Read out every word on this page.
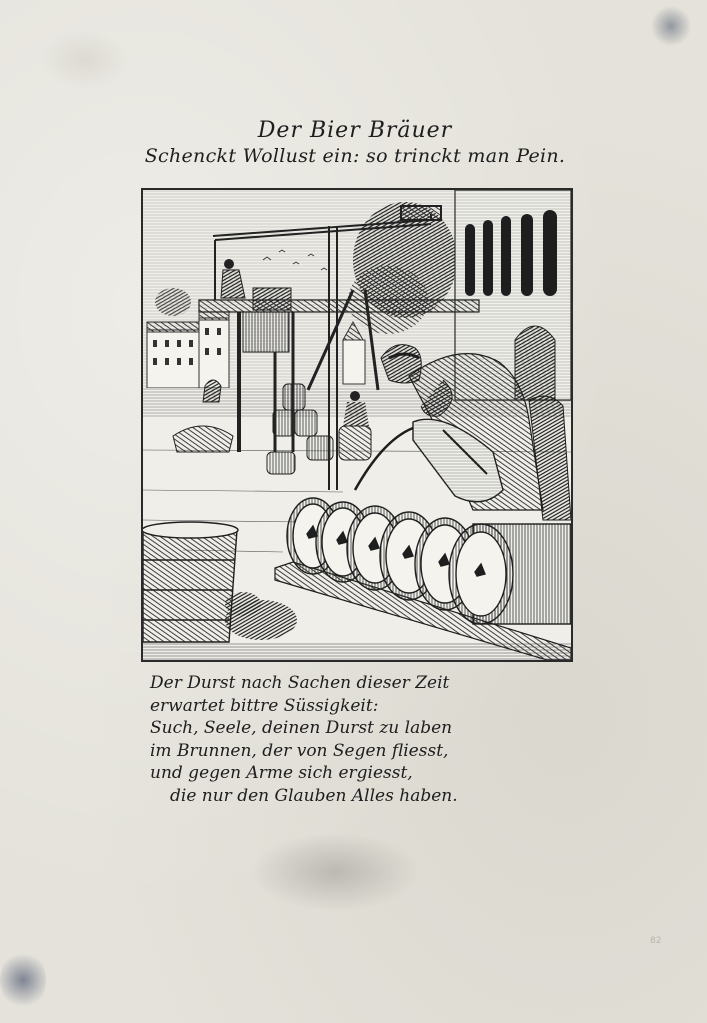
Der Bier Bräuer
Schenckt Wollust ein: so trinckt man Pein.
Der Durst nach Sachen dieser Zeit
erwartet bittre Süssigkeit:
Such, Seele, deinen Durst zu laben
im Brunnen, der von Segen fliesst,
und gegen Arme sich ergiesst,
die nur den Glauben Alles haben.
82
